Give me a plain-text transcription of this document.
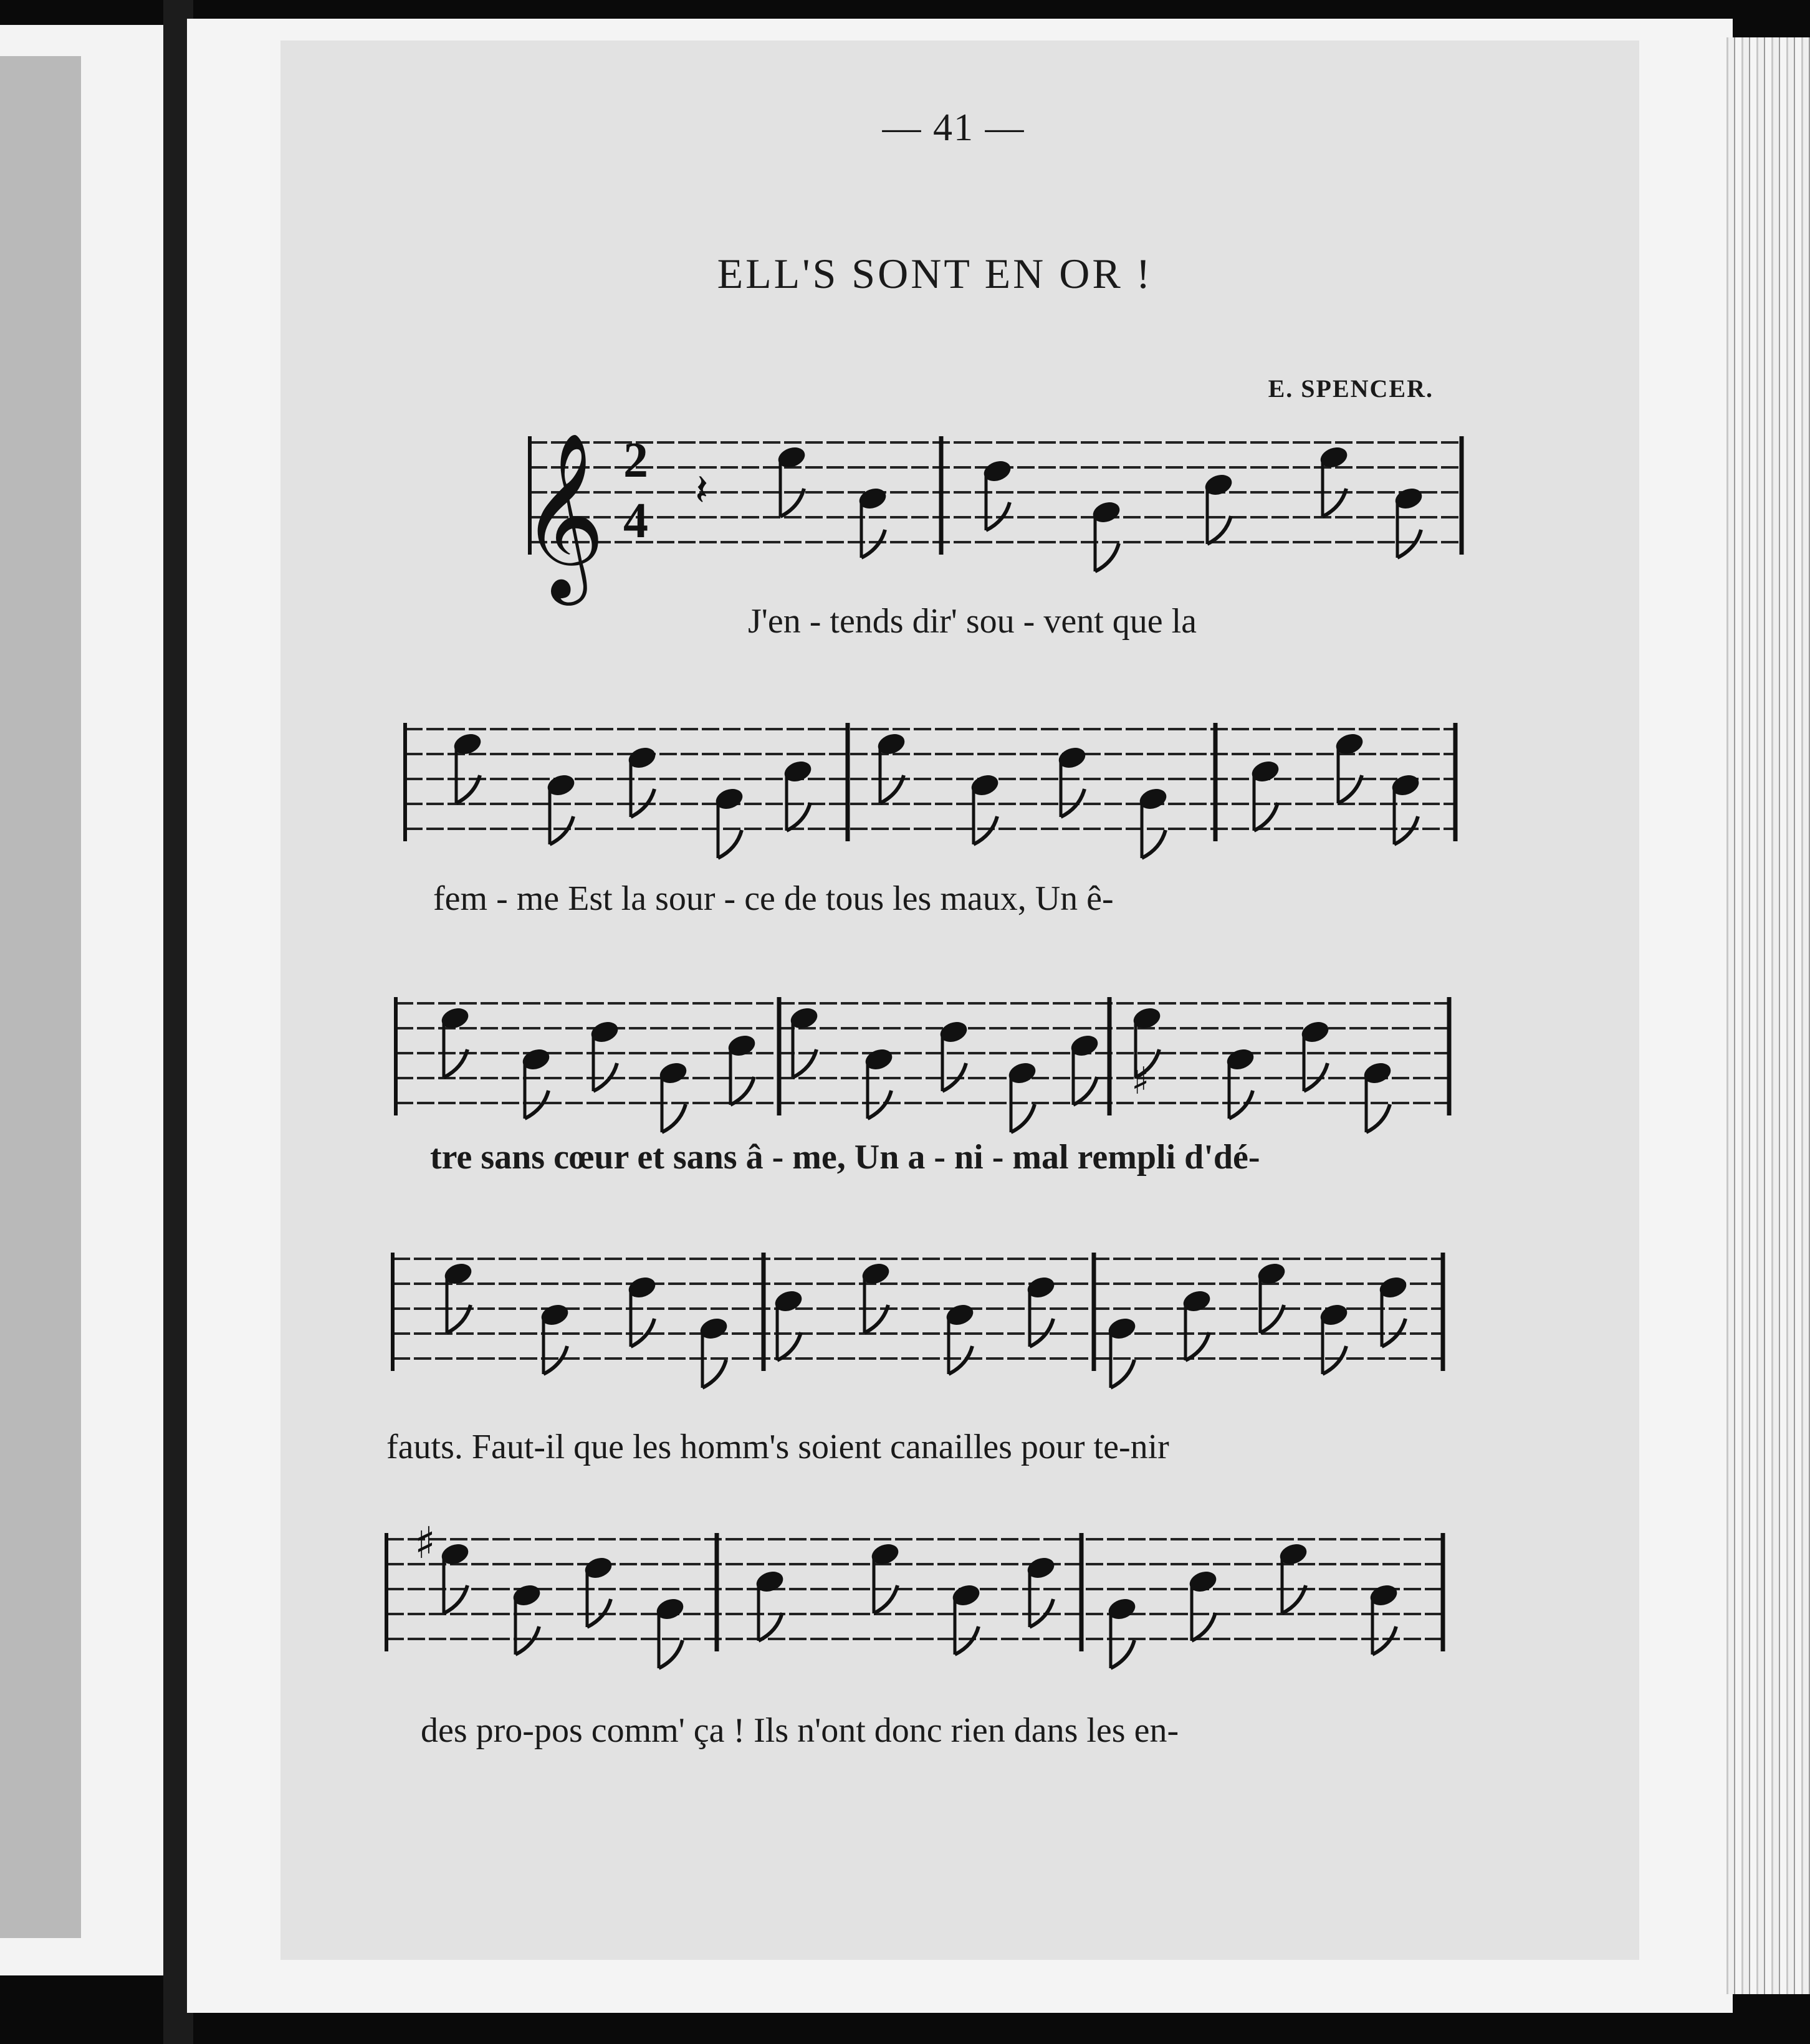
— 41 —
ELL'S SONT EN OR !
E. SPENCER.
𝄞 2
4
𝄽
♯
♯
J'en - tends dir' sou - vent que la
fem - me Est la sour - ce de tous les maux, Un ê-
tre sans cœur et sans â - me, Un a - ni - mal rempli d'dé-
fauts. Faut-il que les homm's soient canailles pour te-nir
des pro-pos comm' ça ! Ils n'ont donc rien dans les en-
